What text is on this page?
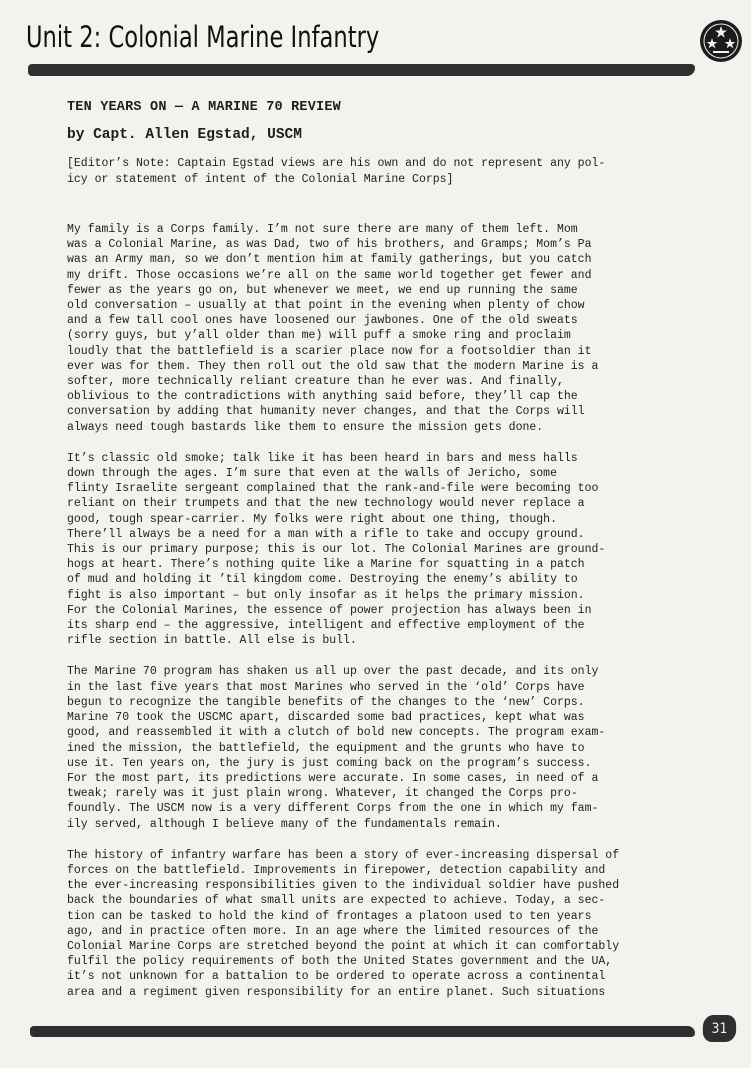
Unit 2: Colonial Marine Infantry
TEN YEARS ON — A MARINE 70 REVIEW
by Capt. Allen Egstad, USCM
[Editor’s Note: Captain Egstad views are his own and do not represent any pol-
icy or statement of intent of the Colonial Marine Corps]

My family is a Corps family. I’m not sure there are many of them left. Mom
was a Colonial Marine, as was Dad, two of his brothers, and Gramps; Mom’s Pa
was an Army man, so we don’t mention him at family gatherings, but you catch
my drift. Those occasions we’re all on the same world together get fewer and
fewer as the years go on, but whenever we meet, we end up running the same
old conversation – usually at that point in the evening when plenty of chow
and a few tall cool ones have loosened our jawbones. One of the old sweats
(sorry guys, but y’all older than me) will puff a smoke ring and proclaim
loudly that the battlefield is a scarier place now for a footsoldier than it
ever was for them. They then roll out the old saw that the modern Marine is a
softer, more technically reliant creature than he ever was. And finally,
oblivious to the contradictions with anything said before, they’ll cap the
conversation by adding that humanity never changes, and that the Corps will
always need tough bastards like them to ensure the mission gets done.

It’s classic old smoke; talk like it has been heard in bars and mess halls
down through the ages. I’m sure that even at the walls of Jericho, some
flinty Israelite sergeant complained that the rank-and-file were becoming too
reliant on their trumpets and that the new technology would never replace a
good, tough spear-carrier. My folks were right about one thing, though.
There’ll always be a need for a man with a rifle to take and occupy ground.
This is our primary purpose; this is our lot. The Colonial Marines are ground-
hogs at heart. There’s nothing quite like a Marine for squatting in a patch
of mud and holding it ’til kingdom come. Destroying the enemy’s ability to
fight is also important – but only insofar as it helps the primary mission.
For the Colonial Marines, the essence of power projection has always been in
its sharp end – the aggressive, intelligent and effective employment of the
rifle section in battle. All else is bull.

The Marine 70 program has shaken us all up over the past decade, and its only
in the last five years that most Marines who served in the ‘old’ Corps have
begun to recognize the tangible benefits of the changes to the ‘new’ Corps.
Marine 70 took the USCMC apart, discarded some bad practices, kept what was
good, and reassembled it with a clutch of bold new concepts. The program exam-
ined the mission, the battlefield, the equipment and the grunts who have to
use it. Ten years on, the jury is just coming back on the program’s success.
For the most part, its predictions were accurate. In some cases, in need of a
tweak; rarely was it just plain wrong. Whatever, it changed the Corps pro-
foundly. The USCM now is a very different Corps from the one in which my fam-
ily served, although I believe many of the fundamentals remain.

The history of infantry warfare has been a story of ever-increasing dispersal of
forces on the battlefield. Improvements in firepower, detection capability and
the ever-increasing responsibilities given to the individual soldier have pushed
back the boundaries of what small units are expected to achieve. Today, a sec-
tion can be tasked to hold the kind of frontages a platoon used to ten years
ago, and in practice often more. In an age where the limited resources of the
Colonial Marine Corps are stretched beyond the point at which it can comfortably
fulfil the policy requirements of both the United States government and the UA,
it’s not unknown for a battalion to be ordered to operate across a continental
area and a regiment given responsibility for an entire planet. Such situations

31
